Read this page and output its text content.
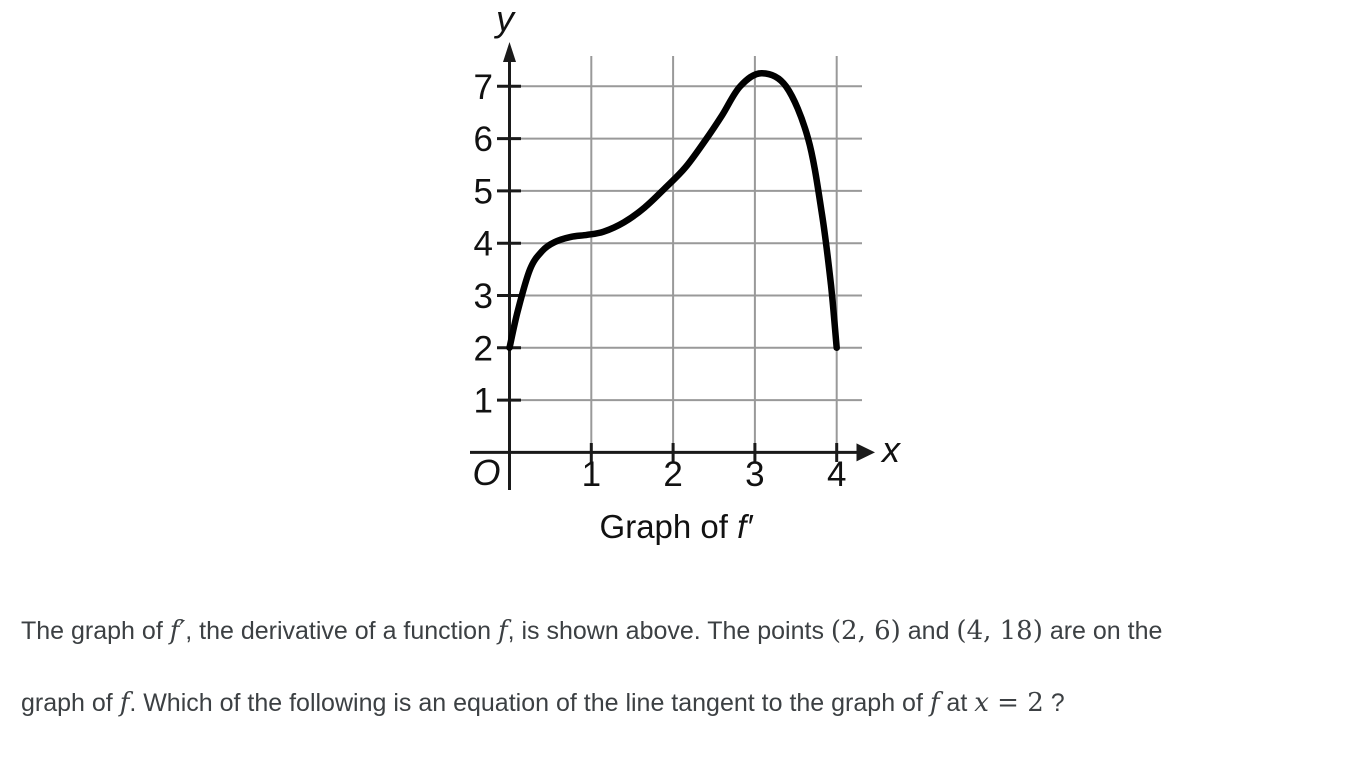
1
2
3
4
5
6
7
1 2 3 4
O
y
x
Graph of f′
The graph of f′, the derivative of a function f, is shown above. The points (2, 6) and (4, 18) are on the
graph of f. Which of the following is an equation of the line tangent to the graph of f at x = 2 ?
